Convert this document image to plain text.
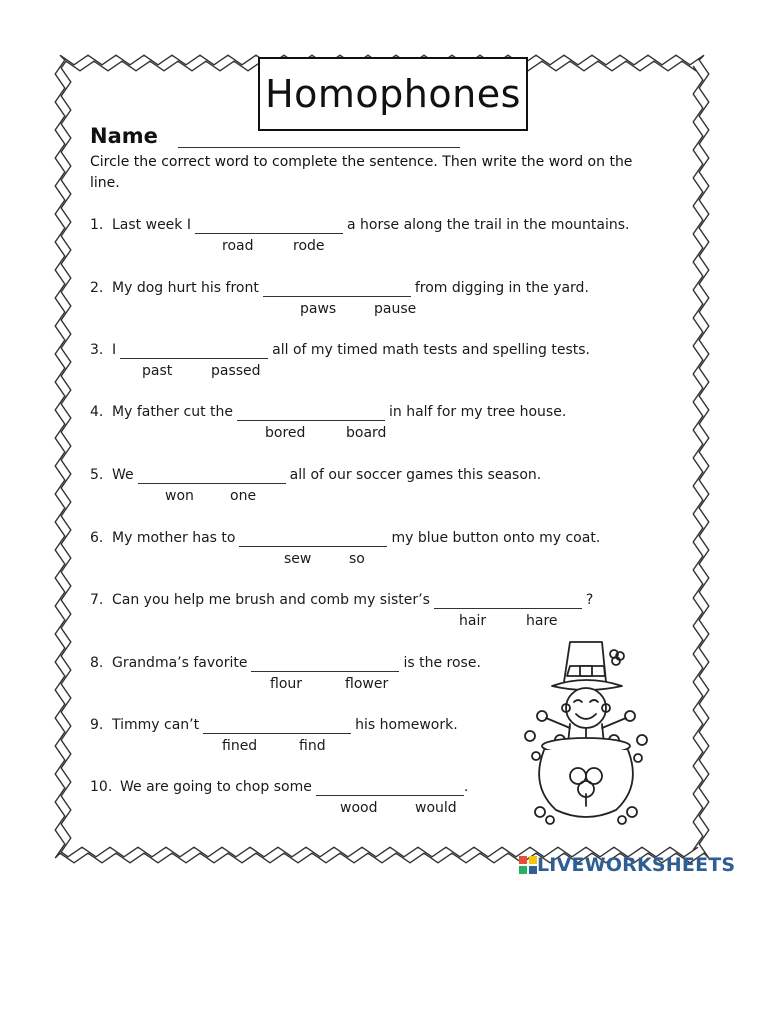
Homophones
Name
Circle the correct word to complete the sentence. Then write the word on the line.
1. Last week I	a horse along the trail in the mountains.
road	rode
2. My dog hurt his front	from digging in the yard.
paws	pause
3. I	all of my timed math tests and spelling tests.
past	passed
4. My father cut the	in half for my tree house.
bored	board
5. We	all of our soccer games this season.
won	one
6. My mother has to	my blue button onto my coat.
sew	so
7. Can you help me brush and comb my sister’s	?
hair	hare
8. Grandma’s favorite	is the rose.
flour	flower
9. Timmy can’t	his homework.
fined	find
10. We are going to chop some	.
wood	would
LIVEWORKSHEETS
